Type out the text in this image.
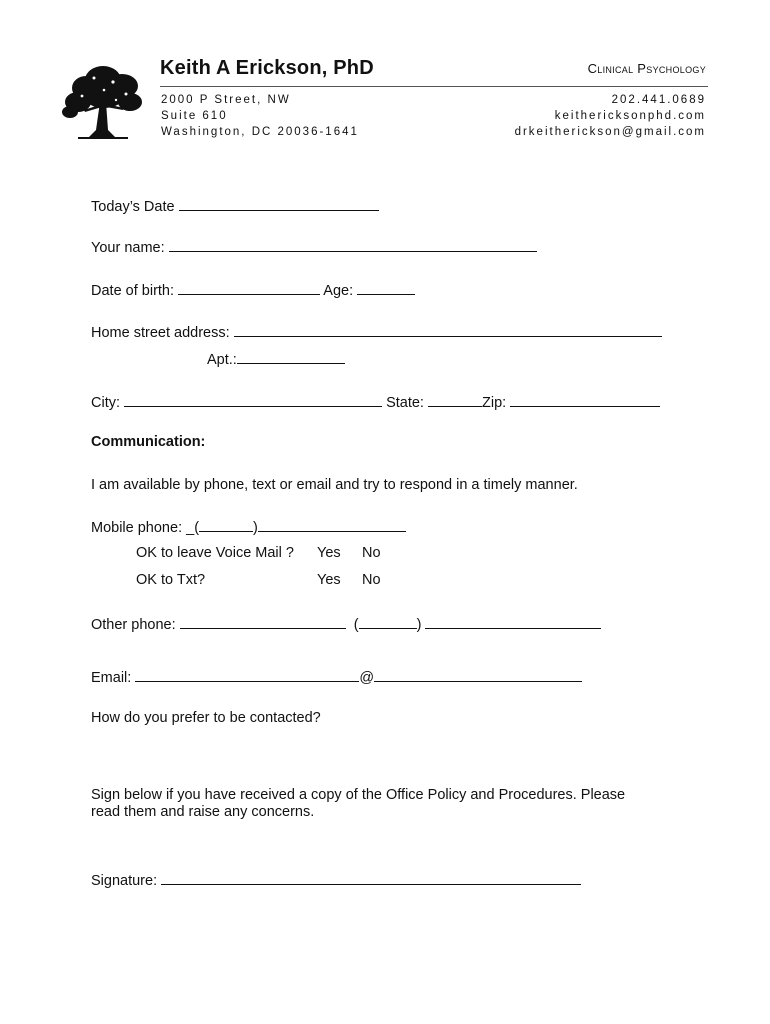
Keith A Erickson, PhD	Clinical Psychology
2000 P Street, NW
Suite 610
Washington, DC 20036-1641
202.441.0689
keithericksonphd.com
drkeitherickson@gmail.com
Today’s Date
Your name:
Date of birth:	Age:
Home street address:
Apt.:
City:	State:	Zip:
Communication:
I am available by phone, text or email and try to respond in a timely manner.
Mobile phone: _(	)
OK to leave Voice Mail ? Yes No
OK to Txt?	Yes No
Other phone:	(	)
Email:	@
How do you prefer to be contacted?
Sign below if you have received a copy of the Office Policy and Procedures. Please
read them and raise any concerns.
Signature:
